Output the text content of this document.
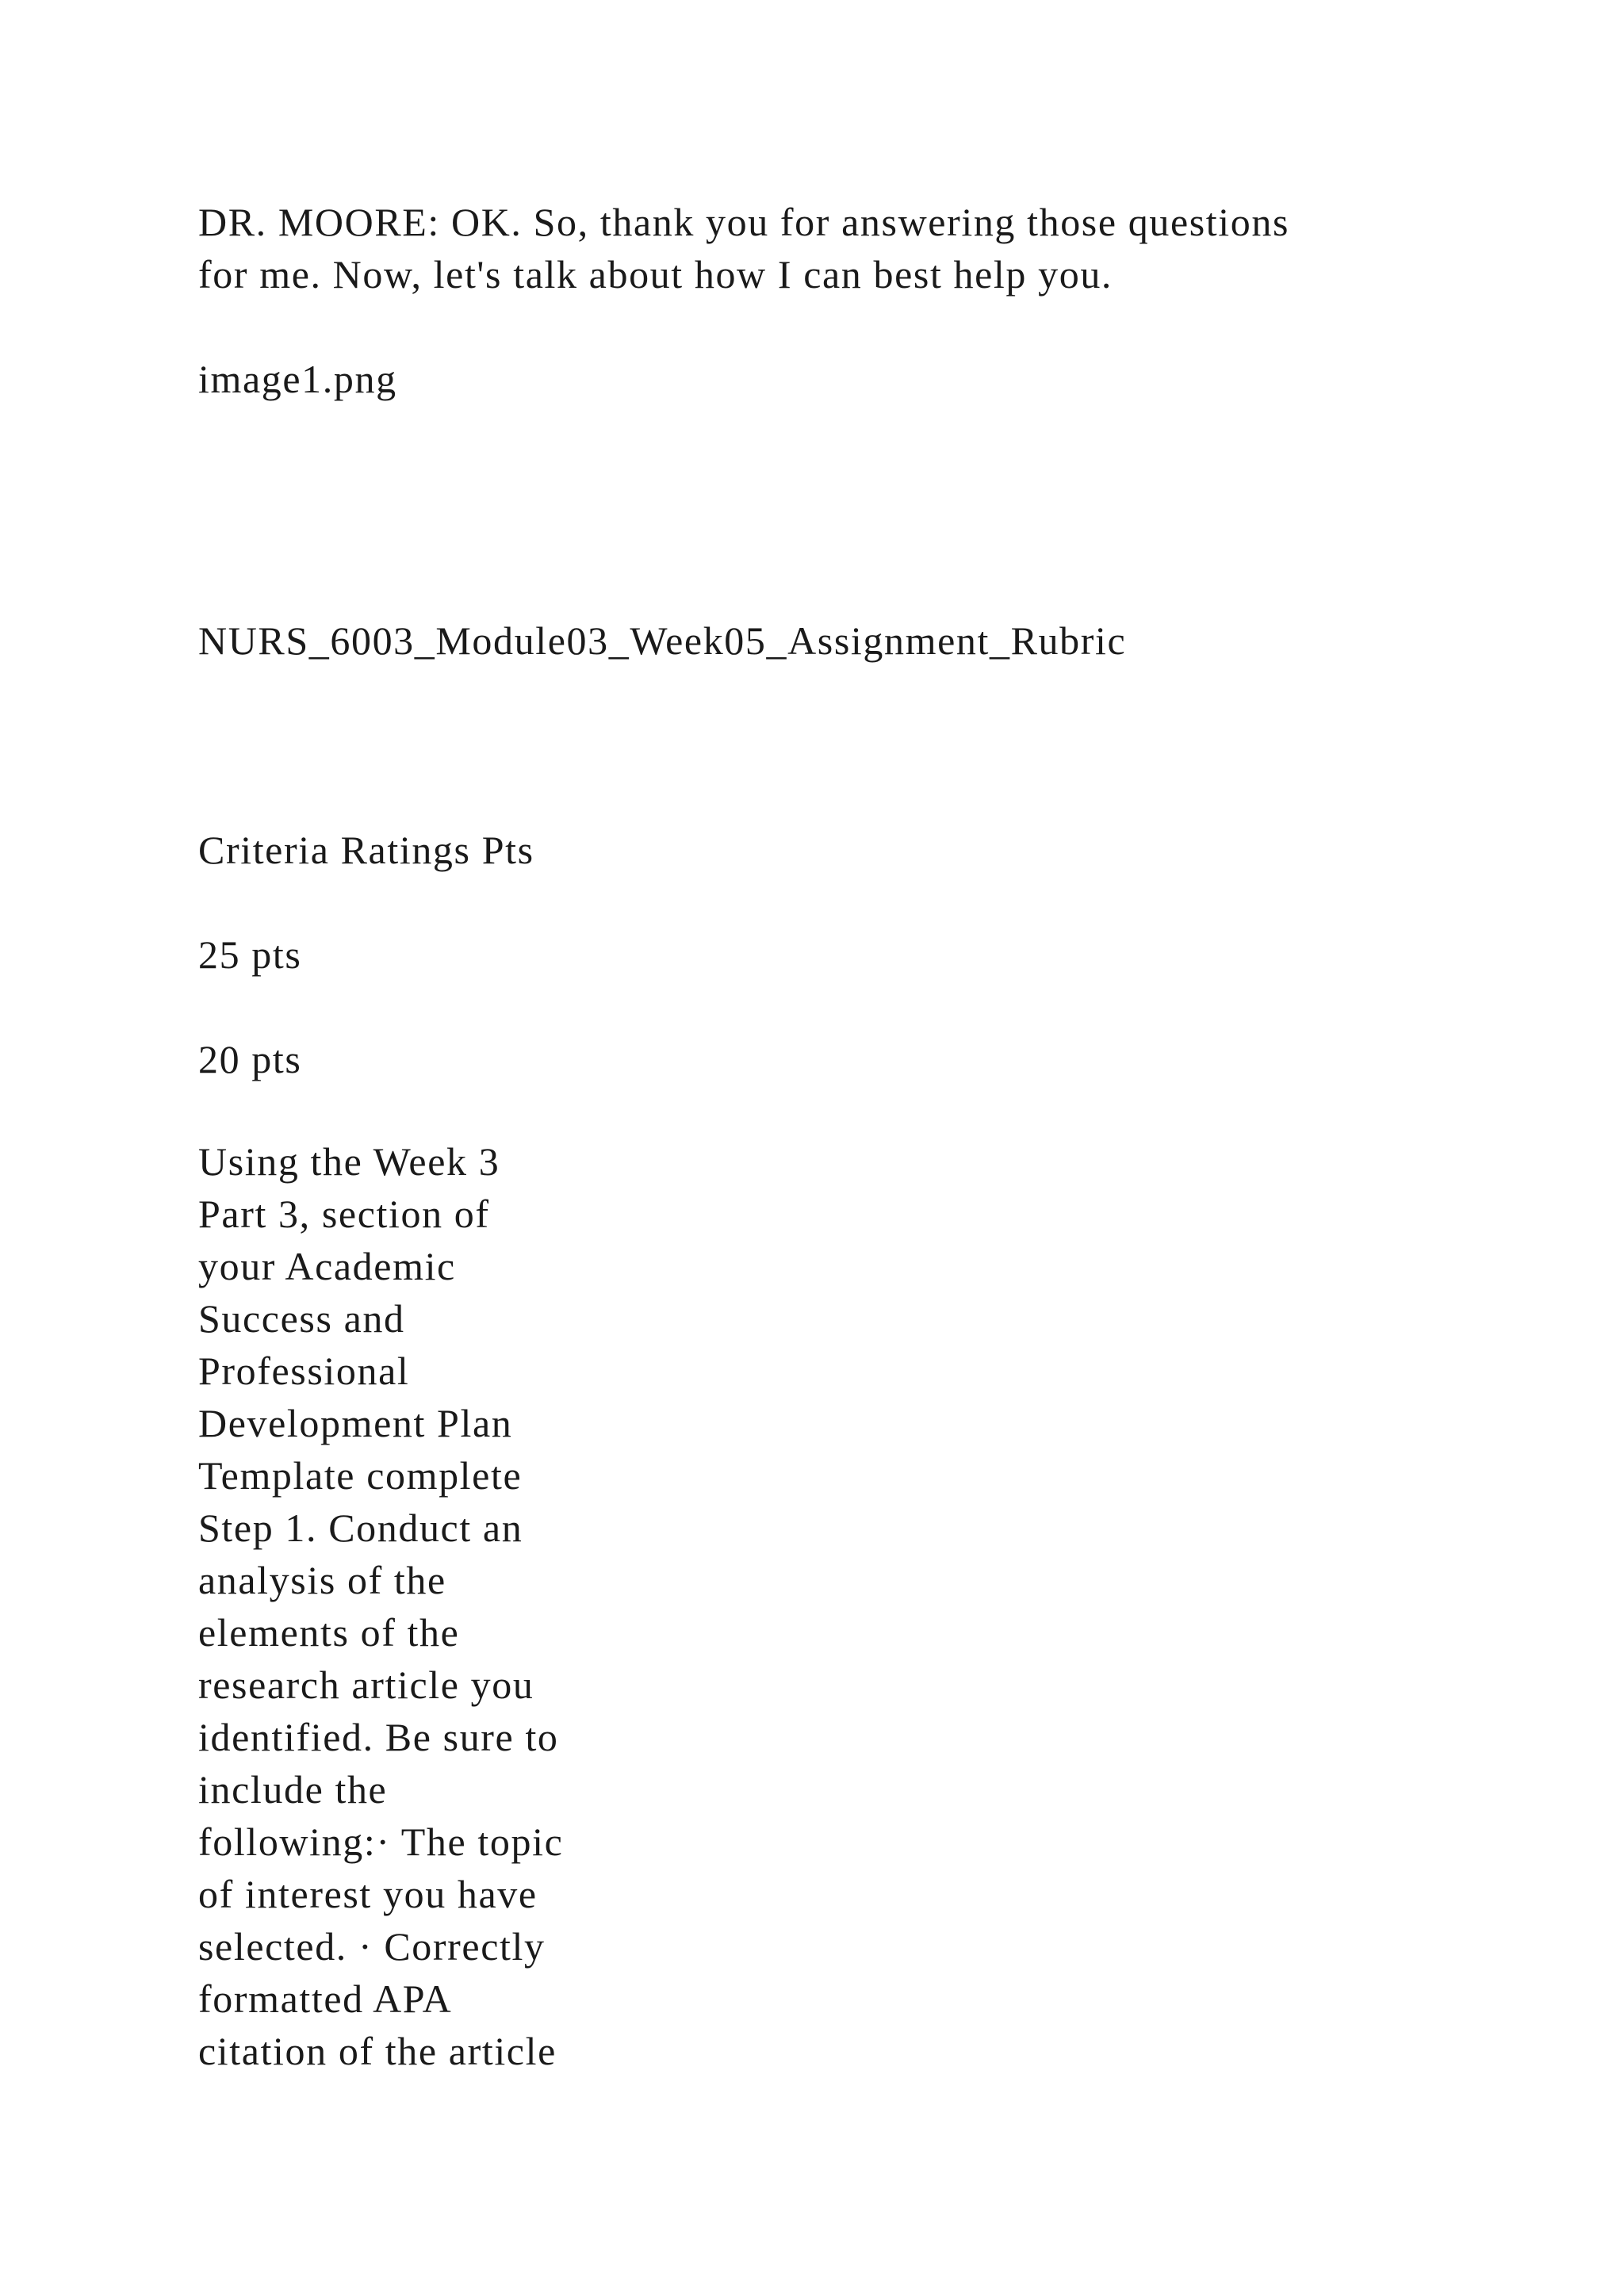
DR. MOORE: OK. So, thank you for answering those questions

for me. Now, let's talk about how I can best help you.

image1.png

NURS_6003_Module03_Week05_Assignment_Rubric

Criteria Ratings Pts

25 pts

20 pts

Using the Week 3
Part 3, section of
your Academic
Success and
Professional
Development Plan
Template complete
Step 1. Conduct an
analysis of the
elements of the
research article you
identified. Be sure to
include the
following:· The topic
of interest you have
selected. · Correctly
formatted APA
citation of the article
